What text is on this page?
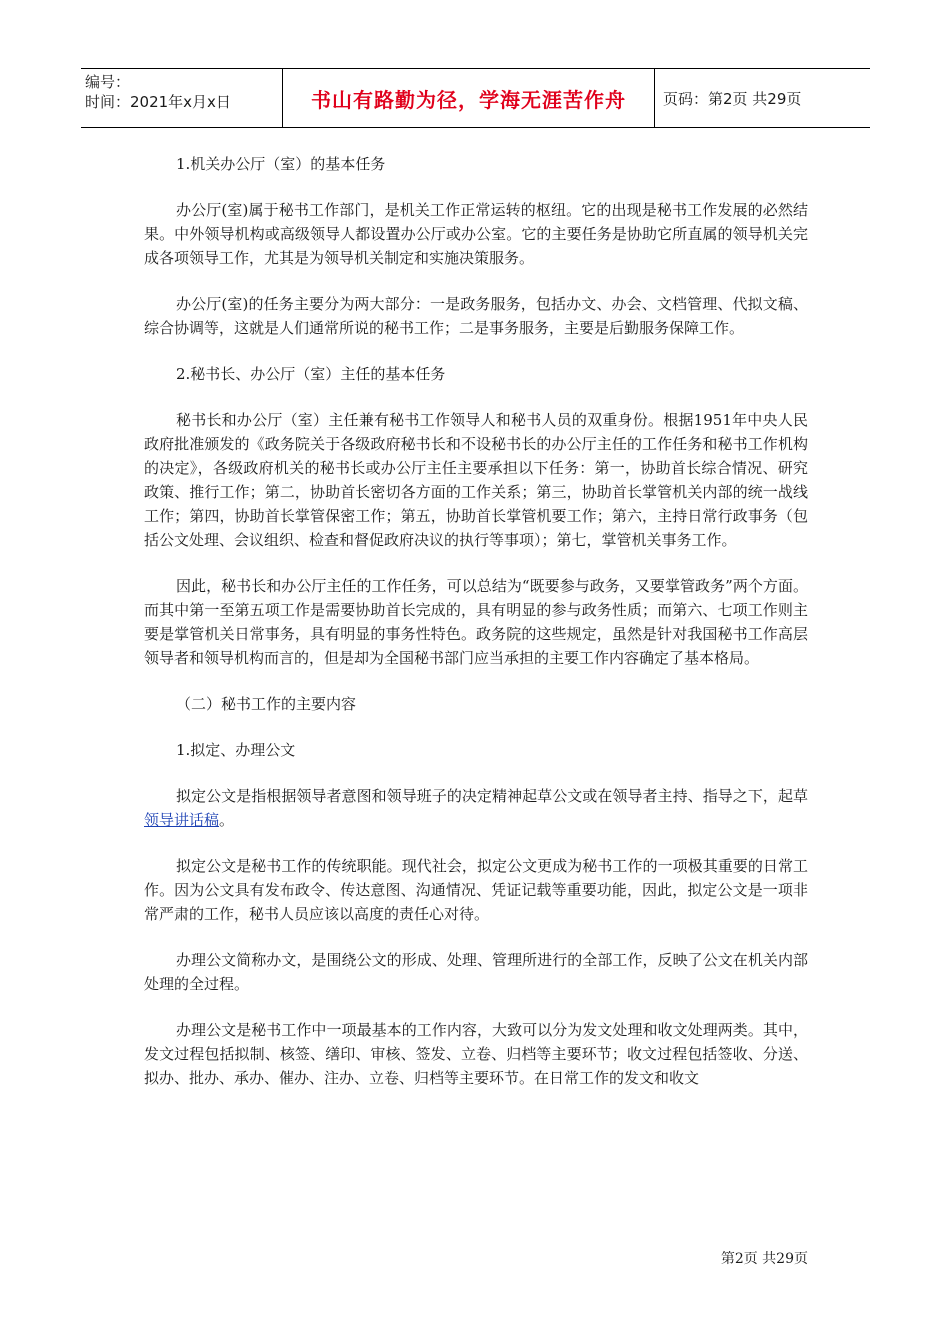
编号：
时间：2021年x月x日	书山有路勤为径，学海无涯苦作舟 页码：第2页 共29页

1.机关办公厅（室）的基本任务

办公厅(室)属于秘书工作部门，是机关工作正常运转的枢纽。它的出现是秘书工作发展的必然结果。中外领导机构或高级领导人都设置办公厅或办公室。它的主要任务是协助它所直属的领导机关完成各项领导工作，尤其是为领导机关制定和实施决策服务。

办公厅(室)的任务主要分为两大部分：一是政务服务，包括办文、办会、文档管理、代拟文稿、综合协调等，这就是人们通常所说的秘书工作；二是事务服务，主要是后勤服务保障工作。

2.秘书长、办公厅（室）主任的基本任务

秘书长和办公厅（室）主任兼有秘书工作领导人和秘书人员的双重身份。根据1951年中央人民政府批准颁发的《政务院关于各级政府秘书长和不设秘书长的办公厅主任的工作任务和秘书工作机构的决定》，各级政府机关的秘书长或办公厅主任主要承担以下任务：第一，协助首长综合情况、研究政策、推行工作；第二，协助首长密切各方面的工作关系；第三，协助首长掌管机关内部的统一战线工作；第四，协助首长掌管保密工作；第五，协助首长掌管机要工作；第六，主持日常行政事务（包括公文处理、会议组织、检查和督促政府决议的执行等事项）；第七，掌管机关事务工作。

因此，秘书长和办公厅主任的工作任务，可以总结为“既要参与政务，又要掌管政务”两个方面。而其中第一至第五项工作是需要协助首长完成的，具有明显的参与政务性质；而第六、七项工作则主要是掌管机关日常事务，具有明显的事务性特色。政务院的这些规定，虽然是针对我国秘书工作高层领导者和领导机构而言的，但是却为全国秘书部门应当承担的主要工作内容确定了基本格局。

（二）秘书工作的主要内容

1.拟定、办理公文

拟定公文是指根据领导者意图和领导班子的决定精神起草公文或在领导者主持、指导之下，起草领导讲话稿。

拟定公文是秘书工作的传统职能。现代社会，拟定公文更成为秘书工作的一项极其重要的日常工作。因为公文具有发布政令、传达意图、沟通情况、凭证记载等重要功能，因此，拟定公文是一项非常严肃的工作，秘书人员应该以高度的责任心对待。

办理公文简称办文，是围绕公文的形成、处理、管理所进行的全部工作，反映了公文在机关内部处理的全过程。

办理公文是秘书工作中一项最基本的工作内容，大致可以分为发文处理和收文处理两类。其中，发文过程包括拟制、核签、缮印、审核、签发、立卷、归档等主要环节；收文过程包括签收、分送、拟办、批办、承办、催办、注办、立卷、归档等主要环节。在日常工作的发文和收文

第2页 共29页
